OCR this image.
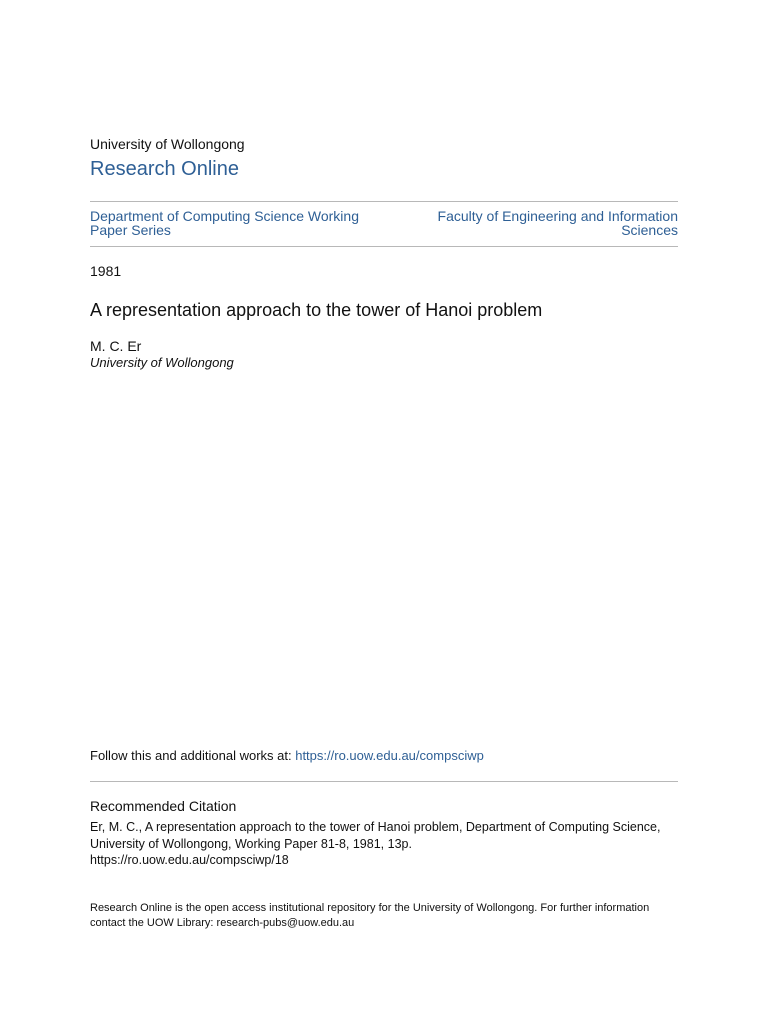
University of Wollongong
Research Online
Department of Computing Science Working Paper Series
Faculty of Engineering and Information Sciences
1981
A representation approach to the tower of Hanoi problem
M. C. Er
University of Wollongong
Follow this and additional works at: https://ro.uow.edu.au/compsciwp
Recommended Citation
Er, M. C., A representation approach to the tower of Hanoi problem, Department of Computing Science,
University of Wollongong, Working Paper 81-8, 1981, 13p.
https://ro.uow.edu.au/compsciwp/18
Research Online is the open access institutional repository for the University of Wollongong. For further information
contact the UOW Library: research-pubs@uow.edu.au
